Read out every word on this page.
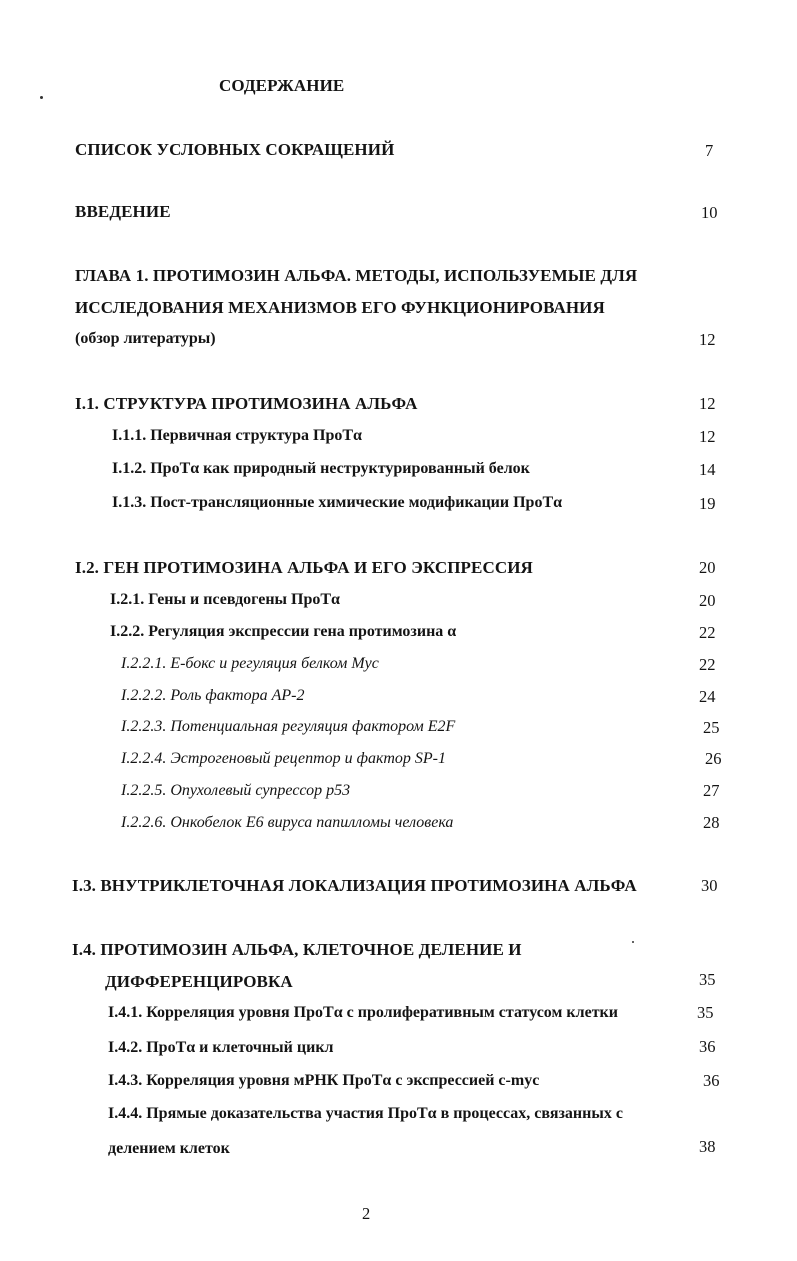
СОДЕРЖАНИЕ
СПИСОК УСЛОВНЫХ СОКРАЩЕНИЙ	7
ВВЕДЕНИЕ	10
ГЛАВА 1. ПРОТИМОЗИН АЛЬФА. МЕТОДЫ, ИСПОЛЬЗУЕМЫЕ ДЛЯ
ИССЛЕДОВАНИЯ МЕХАНИЗМОВ ЕГО ФУНКЦИОНИРОВАНИЯ
(обзор литературы)	12
I.1. СТРУКТУРА ПРОТИМОЗИНА АЛЬФА	12
I.1.1. Первичная структура ПроТα	12
I.1.2. ПроТα как природный неструктурированный белок	14
I.1.3. Пост-трансляционные химические модификации ПроТα	19
I.2. ГЕН ПРОТИМОЗИНА АЛЬФА И ЕГО ЭКСПРЕССИЯ	20
I.2.1. Гены и псевдогены ПроТα	20
I.2.2. Регуляция экспрессии гена протимозина α	22
I.2.2.1. Е-бокс и регуляция белком Myc	22
I.2.2.2. Роль фактора AP-2	24
I.2.2.3. Потенциальная регуляция фактором E2F	25
I.2.2.4. Эстрогеновый рецептор и фактор SP-1	26
I.2.2.5. Опухолевый супрессор p53	27
I.2.2.6. Онкобелок E6 вируса папилломы человека	28
I.3. ВНУТРИКЛЕТОЧНАЯ ЛОКАЛИЗАЦИЯ ПРОТИМОЗИНА АЛЬФА	30
I.4. ПРОТИМОЗИН АЛЬФА, КЛЕТОЧНОЕ ДЕЛЕНИЕ И
ДИФФЕРЕНЦИРОВКА	35
I.4.1. Корреляция уровня ПроТα с пролиферативным статусом клетки	35
I.4.2. ПроТα и клеточный цикл	36
I.4.3. Корреляция уровня мРНК ПроТα с экспрессией c-myc	36
I.4.4. Прямые доказательства участия ПроТα в процессах, связанных с
делением клеток	38
2
